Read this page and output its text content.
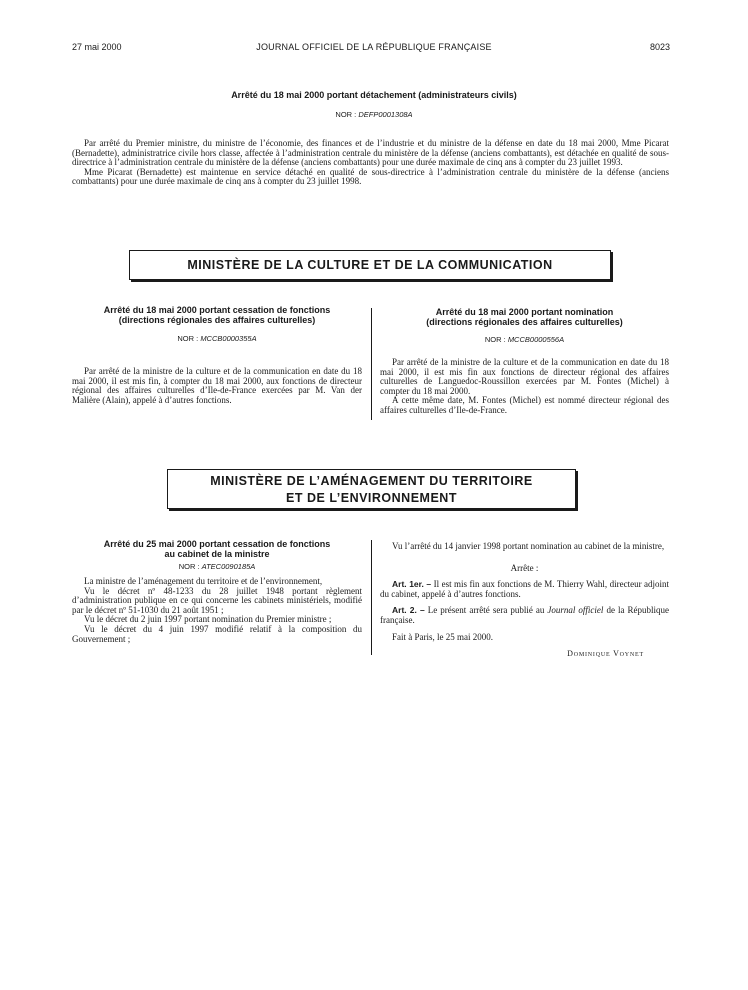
27 mai 2000	JOURNAL OFFICIEL DE LA RÉPUBLIQUE FRANÇAISE	8023
Arrêté du 18 mai 2000 portant détachement (administrateurs civils)
NOR : DEFP0001308A

Par arrêté du Premier ministre, du ministre de l’économie, des finances et de l’industrie et du ministre de la défense en date du 18 mai 2000, Mme Picarat (Bernadette), administratrice civile hors classe, affectée à l’administration centrale du ministère de la défense (anciens combattants), est détachée en qualité de sous-directrice à l’administration centrale du ministère de la défense (anciens combattants) pour une durée maximale de cinq ans à compter du 23 juillet 1993.

Mme Picarat (Bernadette) est maintenue en service détaché en qualité de sous-directrice à l’administration centrale du ministère de la défense (anciens combattants) pour une durée maximale de cinq ans à compter du 23 juillet 1998.

MINISTÈRE DE LA CULTURE ET DE LA COMMUNICATION
Arrêté du 18 mai 2000 portant cessation de fonctions
(directions régionales des affaires culturelles)
NOR : MCCB0000355A

Par arrêté de la ministre de la culture et de la communication en date du 18 mai 2000, il est mis fin, à compter du 18 mai 2000, aux fonctions de directeur régional des affaires culturelles d’Ile-de-France exercées par M. Van der Malière (Alain), appelé à d’autres fonctions.

Arrêté du 18 mai 2000 portant nomination
(directions régionales des affaires culturelles)
NOR : MCCB0000556A

Par arrêté de la ministre de la culture et de la communication en date du 18 mai 2000, il est mis fin aux fonctions de directeur régional des affaires culturelles de Languedoc-Roussillon exercées par M. Fontes (Michel) à compter du 18 mai 2000.

A cette même date, M. Fontes (Michel) est nommé directeur régional des affaires culturelles d’Ile-de-France.

MINISTÈRE DE L’AMÉNAGEMENT DU TERRITOIRE
ET DE L’ENVIRONNEMENT
Arrêté du 25 mai 2000 portant cessation de fonctions
au cabinet de la ministre
NOR : ATEC0090185A

La ministre de l’aménagement du territoire et de l’environnement,

Vu le décret nº 48-1233 du 28 juillet 1948 portant règlement d’administration publique en ce qui concerne les cabinets ministériels, modifié par le décret nº 51-1030 du 21 août 1951 ;

Vu le décret du 2 juin 1997 portant nomination du Premier ministre ;

Vu le décret du 4 juin 1997 modifié relatif à la composition du Gouvernement ;

Vu l’arrêté du 14 janvier 1998 portant nomination au cabinet de la ministre,

Arrête :

Art. 1er. – Il est mis fin aux fonctions de M. Thierry Wahl, directeur adjoint du cabinet, appelé à d’autres fonctions.

Art. 2. – Le présent arrêté sera publié au Journal officiel de la République française.

Fait à Paris, le 25 mai 2000.

Dominique Voynet
